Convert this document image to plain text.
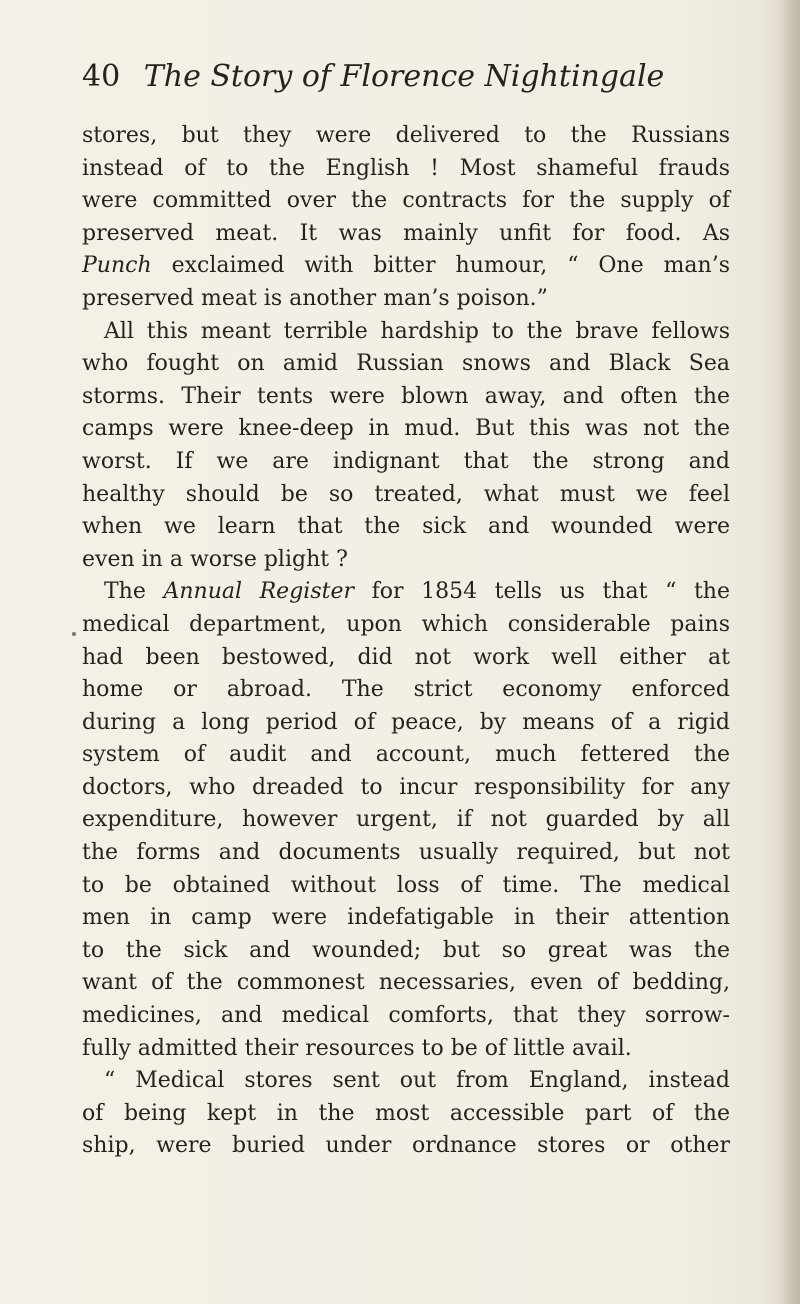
40 The Story of Florence Nightingale
stores, but they were delivered to the Russians
instead of to the English ! Most shameful frauds
were committed over the contracts for the supply of
preserved meat. It was mainly unfit for food. As
Punch exclaimed with bitter humour, “ One man’s
preserved meat is another man’s poison.”
All this meant terrible hardship to the brave fellows
who fought on amid Russian snows and Black Sea
storms. Their tents were blown away, and often the
camps were knee-deep in mud. But this was not the
worst. If we are indignant that the strong and
healthy should be so treated, what must we feel
when we learn that the sick and wounded were
even in a worse plight ?
The Annual Register for 1854 tells us that “ the
medical department, upon which considerable pains
had been bestowed, did not work well either at
home or abroad. The strict economy enforced
during a long period of peace, by means of a rigid
system of audit and account, much fettered the
doctors, who dreaded to incur responsibility for any
expenditure, however urgent, if not guarded by all
the forms and documents usually required, but not
to be obtained without loss of time. The medical
men in camp were indefatigable in their attention
to the sick and wounded; but so great was the
want of the commonest necessaries, even of bedding,
medicines, and medical comforts, that they sorrow-
fully admitted their resources to be of little avail.
“ Medical stores sent out from England, instead
of being kept in the most accessible part of the
ship, were buried under ordnance stores or other
